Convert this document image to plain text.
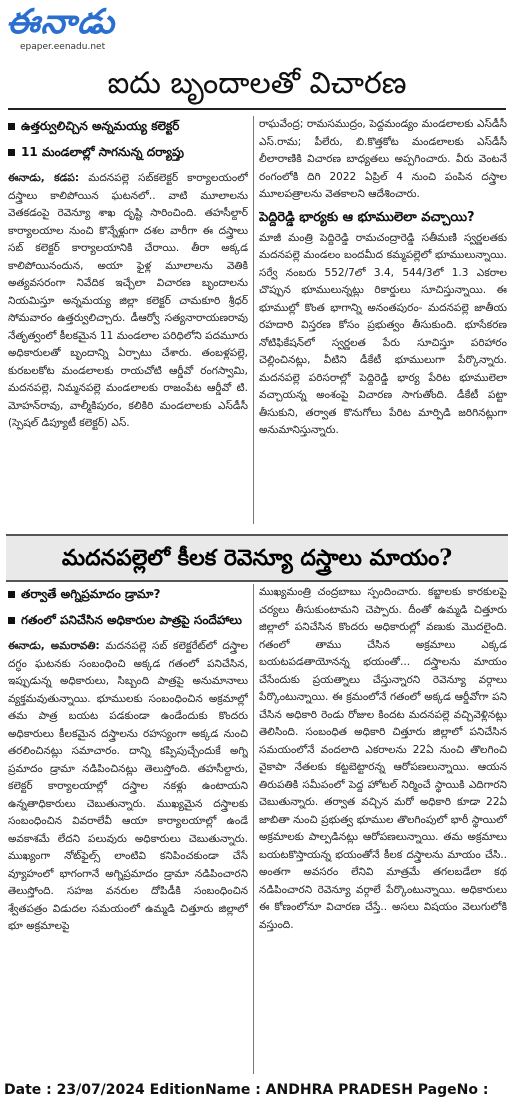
ఈనాడు
epaper.eenadu.net
ఐదు బృందాలతో విచారణ
ఉత్తర్వులిచ్చిన అన్నమయ్య కలెక్టర్
11 మండలాల్లో సాగనున్న దర్యాప్తు

ఈనాడు, కడప: మదనపల్లె సబ్‌కలెక్టర్ కార్యాలయంలో దస్త్రాలు కాలిపోయిన ఘటనలో.. వాటి మూలాలను వెతకడంపై రెవెన్యూ శాఖ దృష్టి సారించింది. తహసీల్దార్ కార్యాలయాల నుంచి కొన్నేళ్లుగా దశల వారీగా ఈ దస్త్రాలు సబ్ కలెక్టర్ కార్యాలయానికి చేరాయి. తీరా అక్కడ కాలిపోయినందున, అయా ఫైళ్ల మూలాలను వెతికి అత్యవసరంగా నివేదిక ఇచ్చేలా విచారణ బృందాలను నియమిస్తూ అన్నమయ్య జిల్లా కలెక్టర్ చామకూరి శ్రీధర్ సోమవారం ఉత్తర్వులిచ్చారు. డీఆర్వో సత్యనారాయణరావు నేతృత్వంలో కీలకమైన 11 మండలాల పరిధిలోని పదమూరు అధికారులతో బృందాన్ని ఏర్పాటు చేశారు. తంబళ్లపల్లె, కురబలకోట మండలాలకు రాయచోటి ఆర్డీవో రంగస్వామి, మదనపల్లె, నిమ్మనపల్లె మండలాలకు రాజంపేట ఆర్డీవో టి. మోహన్‌రావు, వాల్మీకిపురం, కలికిరి మండలాలకు ఎస్‌డీసీ (స్పెషల్ డిప్యూటీ కలెక్టర్) ఎస్.

రాఘవేంద్ర; రామసముద్రం, పెద్దమండ్యం మండలాలకు ఎస్‌డీసీ ఎస్.రామ; పీలేరు, బి.కొత్తకోట మండలాలకు ఎస్‌డీసీ లీలారాణికి విచారణ బాధ్యతలు అప్పగించారు. వీరు వెంటనే రంగంలోకి దిగి 2022 ఏప్రిల్ 4 నుంచి పంపిన దస్త్రాల మూలపత్రాలను వెతకాలని ఆదేశించారు.

పెద్దిరెడ్డి భార్యకు ఆ భూములెలా వచ్చాయి?

మాజీ మంత్రి పెద్దిరెడ్డి రామచంద్రారెడ్డి సతీమణి స్వర్ణలతకు మదనపల్లె మండలం బందమీద కమ్మపల్లెలో భూములున్నాయి. సర్వే నంబరు 552/7లో 3.4, 544/3లో 1.3 ఎకరాల చొప్పున భూములున్నట్లు రికార్డులు సూచిస్తున్నాయి. ఈ భూముల్లో కొంత భాగాన్ని అనంతపురం- మదనపల్లె జాతీయ రహదారి విస్తరణ కోసం ప్రభుత్వం తీసుకుంది. భూసేకరణ నోటిఫికేషన్‌లో స్వర్ణలత పేరు సూచిస్తూ పరిహారం చెల్లించినట్లు, వీటిని డీకేటీ భూములుగా పేర్కొన్నారు. మదనపల్లె పరిసరాల్లో పెద్దిరెడ్డి భార్య పేరిట భూములెలా వచ్చాయన్న అంశంపై విచారణ సాగుతోంది. డీకేటీ పట్టా తీసుకుని, తర్వాత కొనుగోలు పేరిట మార్పిడి జరిగినట్లుగా అనుమానిస్తున్నారు.

మదనపల్లెలో కీలక రెవెన్యూ దస్త్రాలు మాయం?
తర్వాతే అగ్నిప్రమాదం డ్రామా?
గతంలో పనిచేసిన అధికారుల పాత్రపై సందేహాలు

ఈనాడు, అమరావతి: మదనపల్లె సబ్ కలెక్టరేట్‌లో దస్త్రాల దగ్ధం ఘటనకు సంబంధించి అక్కడ గతంలో పనిచేసిన, ఇప్పుడున్న అధికారులు, సిబ్బంది పాత్రపై అనుమానాలు వ్యక్తమవుతున్నాయి. భూములకు సంబంధించిన అక్రమాల్లో తమ పాత్ర బయట పడకుండా ఉండేందుకు కొందరు అధికారులు కీలకమైన దస్త్రాలను రహస్యంగా అక్కడ నుంచి తరలించినట్లు సమాచారం. దాన్ని కప్పిపుచ్చేందుకే అగ్ని ప్రమాదం డ్రామా నడిపించినట్లు తెలుస్తోంది. తహసీల్దారు, కలెక్టర్ కార్యాలయాల్లో దస్త్రాల నకళ్లు ఉంటాయని ఉన్నతాధికారులు చెబుతున్నారు. ముఖ్యమైన దస్త్రాలకు సంబంధించిన వివరాలేవీ ఆయా కార్యాలయాల్లో ఉండే అవకాశమే లేదని పలువురు అధికారులు చెబుతున్నారు. ముఖ్యంగా నోట్‌ఫైల్స్ లాంటివి కనిపించకుండా చేసే వ్యూహంలో భాగంగానే అగ్నిప్రమాదం డ్రామా నడిపించారని తెలుస్తోంది. సహజ వనరుల దోపిడీకి సంబంధించిన శ్వేతపత్రం విడుదల సమయంలో ఉమ్మడి చిత్తూరు జిల్లాలో భూ అక్రమాలపై

ముఖ్యమంత్రి చంద్రబాబు స్పందించారు. కబ్జాలకు కారకులపై చర్యలు తీసుకుంటామని చెప్పారు. దీంతో ఉమ్మడి చిత్తూరు జిల్లాలో పనిచేసిన కొందరు అధికారుల్లో వణుకు మొదలైంది. గతంలో తాము చేసిన అక్రమాలు ఎక్కడ బయటపడతాయోనన్న భయంతో... దస్త్రాలను మాయం చేసేందుకు ప్రయత్నాలు చేస్తున్నారని రెవెన్యూ వర్గాలు పేర్కొంటున్నాయి. ఈ క్రమంలోనే గతంలో అక్కడ ఆర్డీవోగా పని చేసిన అధికారి రెండు రోజుల కిందట మదనపల్లె వచ్చివెళ్లినట్లు తెలిసింది. సంబంధిత అధికారి చిత్తూరు జిల్లాలో పనిచేసిన సమయంలోనే వందలాది ఎకరాలను 22ఏ నుంచి తొలగించి వైకాపా నేతలకు కట్టబెట్టారన్న ఆరోపణలున్నాయి. ఆయన తిరుపతికి సమీపంలో పెద్ద హోటల్ నిర్మించే స్థాయికి ఎదిగారని చెబుతున్నారు. తర్వాత వచ్చిన మరో అధికారి కూడా 22ఏ జాబితా నుంచి ప్రభుత్వ భూముల తొలగింపులో భారీ స్థాయిలో అక్రమాలకు పాల్పడినట్లు ఆరోపణలున్నాయి. తమ అక్రమాలు బయటకొస్తాయన్న భయంతోనే కీలక దస్త్రాలను మాయం చేసి.. అంతగా అవసరం లేనివి మాత్రమే తగలబడేలా కథ నడిపించారని రెవెన్యూ వర్గాలే పేర్కొంటున్నాయి. అధికారులు ఈ కోణంలోనూ విచారణ చేస్తే.. అసలు విషయం వెలుగులోకి వస్తుంది.

Date : 23/07/2024 EditionName : ANDHRA PRADESH PageNo :
